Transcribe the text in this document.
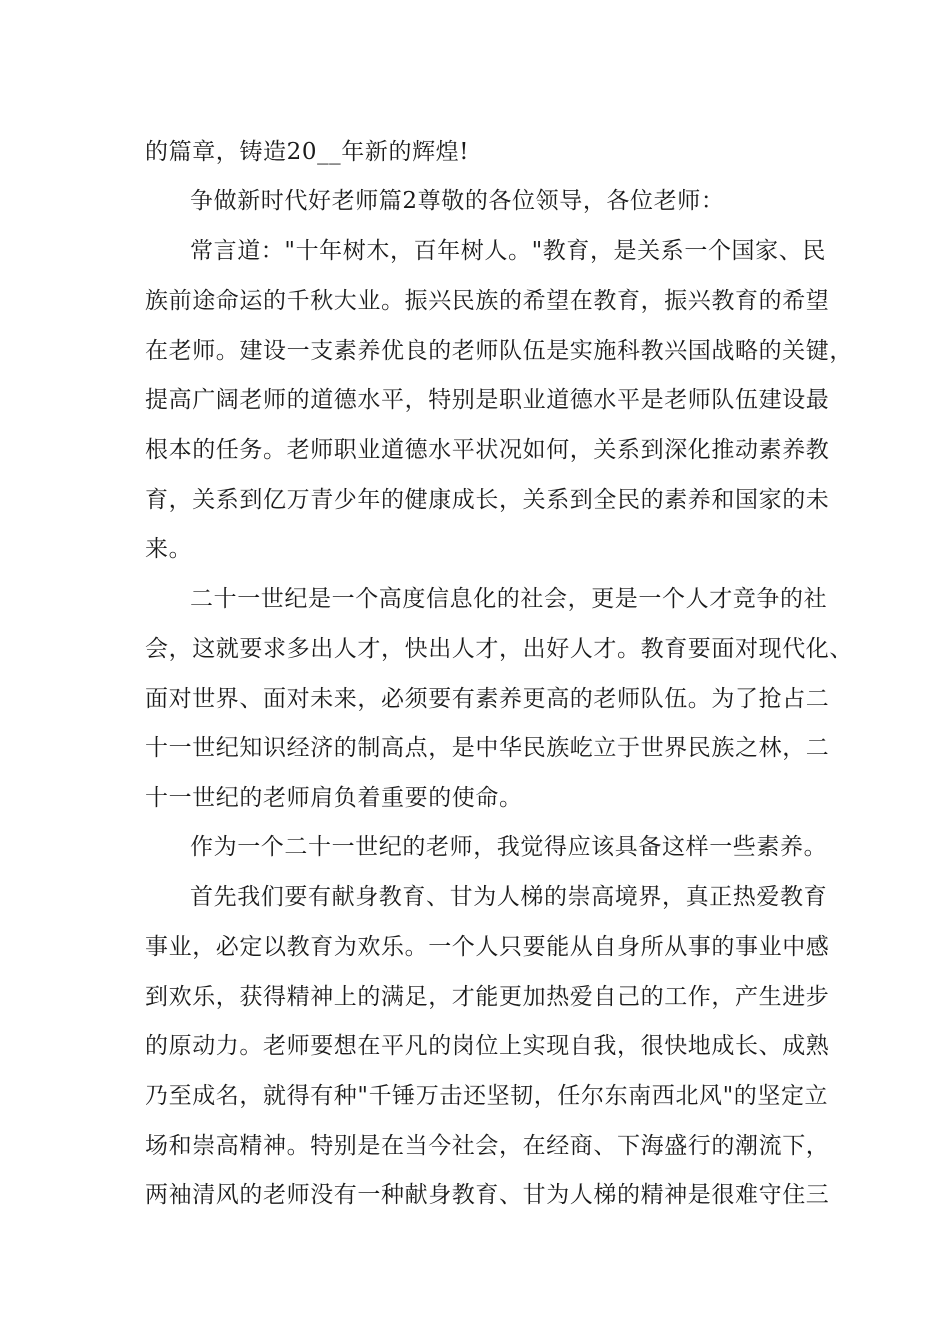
的篇章，铸造20__年新的辉煌!
争做新时代好老师篇2尊敬的各位领导，各位老师：
常言道："十年树木，百年树人。"教育，是关系一个国家、民
族前途命运的千秋大业。振兴民族的希望在教育，振兴教育的希望
在老师。建设一支素养优良的老师队伍是实施科教兴国战略的关键，
提高广阔老师的道德水平，特别是职业道德水平是老师队伍建设最
根本的任务。老师职业道德水平状况如何，关系到深化推动素养教
育，关系到亿万青少年的健康成长，关系到全民的素养和国家的未
来。
二十一世纪是一个高度信息化的社会，更是一个人才竞争的社
会，这就要求多出人才，快出人才，出好人才。教育要面对现代化、
面对世界、面对未来，必须要有素养更高的老师队伍。为了抢占二
十一世纪知识经济的制高点，是中华民族屹立于世界民族之林，二
十一世纪的老师肩负着重要的使命。
作为一个二十一世纪的老师，我觉得应该具备这样一些素养。
首先我们要有献身教育、甘为人梯的崇高境界，真正热爱教育
事业，必定以教育为欢乐。一个人只要能从自身所从事的事业中感
到欢乐，获得精神上的满足，才能更加热爱自己的工作，产生进步
的原动力。老师要想在平凡的岗位上实现自我，很快地成长、成熟
乃至成名，就得有种"千锤万击还坚韧，任尔东南西北风"的坚定立
场和崇高精神。特别是在当今社会，在经商、下海盛行的潮流下，
两袖清风的老师没有一种献身教育、甘为人梯的精神是很难守住三
